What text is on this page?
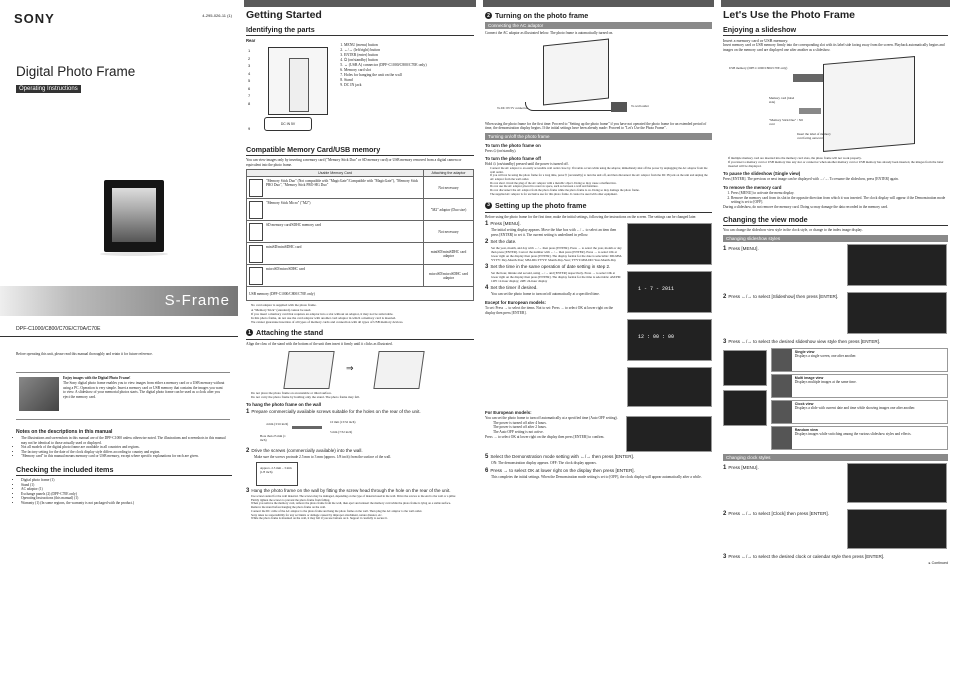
SONY	4-295-026-11 (1)
Digital Photo Frame
Operating Instructions
S-Frame
DPF-C1000/C800/C70E/C70A/C70E
Before operating this unit, please read this manual thoroughly and retain it for future reference.
Enjoy images with the Digital Photo Frame!
The Sony digital photo frame enables you to view images from either a memory card or a USB memory without using a PC. Operation is very simple. Insert a memory card or USB memory that contains the images you want to view. A slideshow of your memorial photos starts. The digital photo frame can be used as a clock after you eject the memory card.
Notes on the descriptions in this manual
• The illustrations and screenshots in this manual are of the DPF-C1000 unless otherwise noted. The illustrations and screenshots in this manual may not be identical to those actually used or displayed.
• Not all models of the digital photo frame are available in all countries and regions.
• The factory setting for the date of the clock display style differs according to country and region.
• "Memory card" in this manual means memory card or USB memory, except where specific explanations for each are given.
Checking the included items
• Digital photo frame (1)
• Stand (1)
• AC adaptor (1)
• Exchange panels (2) (DPF-C70E only)
• Operating Instructions (this manual) (1)
• Warranty (1) (In some regions, the warranty is not packaged with the product.)
Getting Started
Identifying the parts
Rear
DC IN 5V
1
2
3
4
5
6
7
8
9
1. MENU (menu) button
2. ←/→ (left/right) button
3. ENTER (enter) button
4. ⏻ (on/standby) button
5. ↔ (USB A) connector (DPF-C1000/C800/C70E only)
6. Memory card slot
7. Holes for hanging the unit on the wall
8. Stand
9. DC IN jack
Compatible Memory Card/USB memory
You can view images only by inserting a memory card ("Memory Stick Duo" or SD memory card) or USB memory removed from a digital camera or equivalent into the photo frame.
Usable Memory Card	Attaching the adaptor

"Memory Stick Duo" (Not compatible with "MagicGate"/Compatible with "MagicGate"), "Memory Stick PRO Duo", "Memory Stick PRO-HG Duo"	Not necessary

"Memory Stick Micro" ("M2")	"M2" adaptor (Duo size)

SD memory card/SDHC memory card	Not necessary

miniSD/miniSDHC card	miniSD/miniSDHC card adaptor

microSD/microSDHC card	microSD/microSDHC card adaptor
USB memory (DPF-C1000/C800/C70E only)	
• No card adaptor is supplied with the photo frame.
• A "Memory Stick" (standard) cannot be used.
• If you insert a memory card that requires an adaptor into a slot without an adaptor, it may not be removable.
• In this photo frame, do not use the card adaptor with another card adaptor in which a memory card is inserted.
• We cannot guarantee insertion of all types of memory cards and connection with all types of USB memory devices.
1 Attaching the stand
Align the claw of the stand with the bottom of the unit then insert it firmly until it clicks as illustrated.
⇒
• Do not place the photo frame on an unstable or tilted surface.
• Do not carry the photo frame by holding only the stand. The photo frame may fall.
To hang the photo frame on the wall
1 Prepare commercially available screws suitable for the holes on the rear of the unit.
4 mm (3/16 inch)
Bore than 25 mm (1 inch)
10 mm (13/32 inch)
5 mm (7/32 inch)
2 Drive the screws (commercially available) into the wall.
Make sure the screws protrude 2.5 mm to 3 mm (approx. 1/8 inch) from the surface of the wall.
Approx. 2.5 mm – 3 mm (1/8 inch)
3 Hang the photo frame on the wall by fitting the screw head through the hole on the rear of the unit.
• Use screws suited for the wall material. The screws may be damaged, depending on the type of material used in the wall. Drive the screws to the end to the wall or a pillar.
• Firmly tighten the screws to prevent the photo frame from falling.
• When you remove the memory card, remove the photo frame from the wall, then eject and reinsert the memory card while the photo frame is lying on a stable surface.
• Remove the stand before hanging the photo frame on the wall.
• Connect the DC cable of the AC adaptor to the photo frame and hang the photo frame on the wall. Then plug the AC adaptor to the wall outlet.
• Sony takes no responsibility for any accidents or damage caused by improper attachment, nature disaster, etc.
• While the photo frame is mounted on the wall, it may fall if you use buttons on it. Support it carefully to secure it.
2 Turning on the photo frame
Connecting the AC adaptor
Connect the AC adaptor as illustrated below. The photo frame is automatically turned on.
To DC IN 5V connector	To wall outlet
When using the photo frame for the first time: Proceed to "Setting up the photo frame" if you have not operated the photo frame for an extended period of time, the demonstration display begins. If the initial settings have been already made: Proceed to "Let's Use the Photo Frame".
Turning on/off the photo frame
To turn the photo frame on
Press ⏻ (on/standby).
To turn the photo frame off
Hold ⏻ (on/standby) pressed until the power is turned off.
• Connect the AC adaptor to an easily accessible wall outlet close by. If trouble occurs while using the adaptor, immediately shut off the power by unplugging the AC adaptor from the wall outlet.
• If you will not be using the photo frame for a long time, press ⏻ (on/standby) to turn the unit off, and then disconnect the AC adaptor from the DC IN jack on the unit and unplug the AC adaptor from the wall outlet.
• Do not short circuit the plug of the AC adaptor with a metallic object. Doing so may cause a malfunction.
• Do not use the AC adaptor placed in a narrow space, such as between a wall and furniture.
• Do not disconnect the AC adaptor from the photo frame while the photo frame is on. Doing so may damage the photo frame.
• The supplied AC adaptor is for exclusive use for this photo frame. It cannot be used with other equipment.
3 Setting up the photo frame
Before using the photo frame for the first time, make the initial settings, following the instructions on the screen. The settings can be changed later.
1 Press [MENU].
The initial setting display appears. Move the blue box with ←/→ to select an item then press [ENTER] to set it. The current setting is underlined in yellow.
2 Set the date.
Set the year, month, and day with ←/→ then press [ENTER]. Press → to select the year, month or day then press [ENTER]. Correct the number with ←/→ then press [ENTER]. Press → to select OK at lower right on the display then press [ENTER]. The display format for the date is selectable: DD-MM-YYYY: Day-Month-Year; MM-DD-YYYY: Month-Day-Year; YYYY-MM-DD: Year-Month-Day
3 Set the time in the same operation of date setting in step 2.
Set the hour, minute and second, using ←/→ and [ENTER] respectively. Press → to select OK at lower right on the display then press [ENTER]. The display format for the time is selectable: AM/PM 12H: 12-hour display; 24H: 24-hour display
4 Set the timer if desired.
You can set the photo frame to turn on/off automatically at a specified time.
Except for European models:
To set: Press → to select the items. Not to set: Press → to select OK at lower right on the display then press [ENTER].
1 - 7 - 2011
12 : 00 : 00
For European models:
You can set the photo frame to turn off automatically at a specified time (Auto OFF setting).
The power is turned off after 4 hours.
The power is turned off after 2 hours.
The Auto OFF setting is not active.
Press → to select OK at lower right on the display then press [ENTER] to confirm.
5 Select the Demonstration mode setting with ←/→ then press [ENTER].
ON: The demonstration display appears. OFF: The clock display appears.
6 Press → to select OK at lower right on the display then press [ENTER].
This completes the initial settings. When the Demonstration mode setting is set to [OFF], the clock display will appear automatically after a while.
Let's Use the Photo Frame
Enjoying a slideshow
Insert a memory card or USB memory.
Insert memory card or USB memory firmly into the corresponding slot with its label side facing away from the screen. Playback automatically begins and images on the memory card are displayed one after another as a slideshow.
USB memory (DPF-C1000/C800/C70E only)
Memory card (label side)
"Memory Stick Duo" / SD card
Insert the label of memory card facing outward
• If multiple memory card are inserted into the memory card slots, the photo frame will not work properly.
• If you insert a memory card or USB memory into any slot or connector when another memory card or USB memory has already been inserted, the images from the latter inserted will be displayed.
To pause the slideshow (Single view)
Press [ENTER]. The previous or next image can be displayed with ←/→. To resume the slideshow, press [ENTER] again.
To remove the memory card
1. Press [MENU] to activate the menu display.
2. Remove the memory card from its slot in the opposite direction from which it was inserted. The clock display will appear if the Demonstration mode setting is set to [OFF].
During a slideshow, do not remove the memory card. Doing so may damage the data recorded in the memory card.
Changing the view mode
You can change the slideshow view style in the clock style, or change to the index image display.
Changing slideshow styles
1 Press [MENU].
2 Press ←/→ to select [Slideshow] then press [ENTER].
3 Press ←/→ to select the desired slideshow view style then press [ENTER].
Single view
Displays a single screen, one after another.
Multi image view
Displays multiple images at the same time.
Clock view
Displays a slide with current date and time while showing images one after another.
Random view
Displays images while switching among the various slideshow styles and effects.
Changing clock styles
1 Press [MENU].
2 Press ←/→ to select [Clock] then press [ENTER].
3 Press ←/→ to select the desired clock or calendar style then press [ENTER].
▸ Continued
